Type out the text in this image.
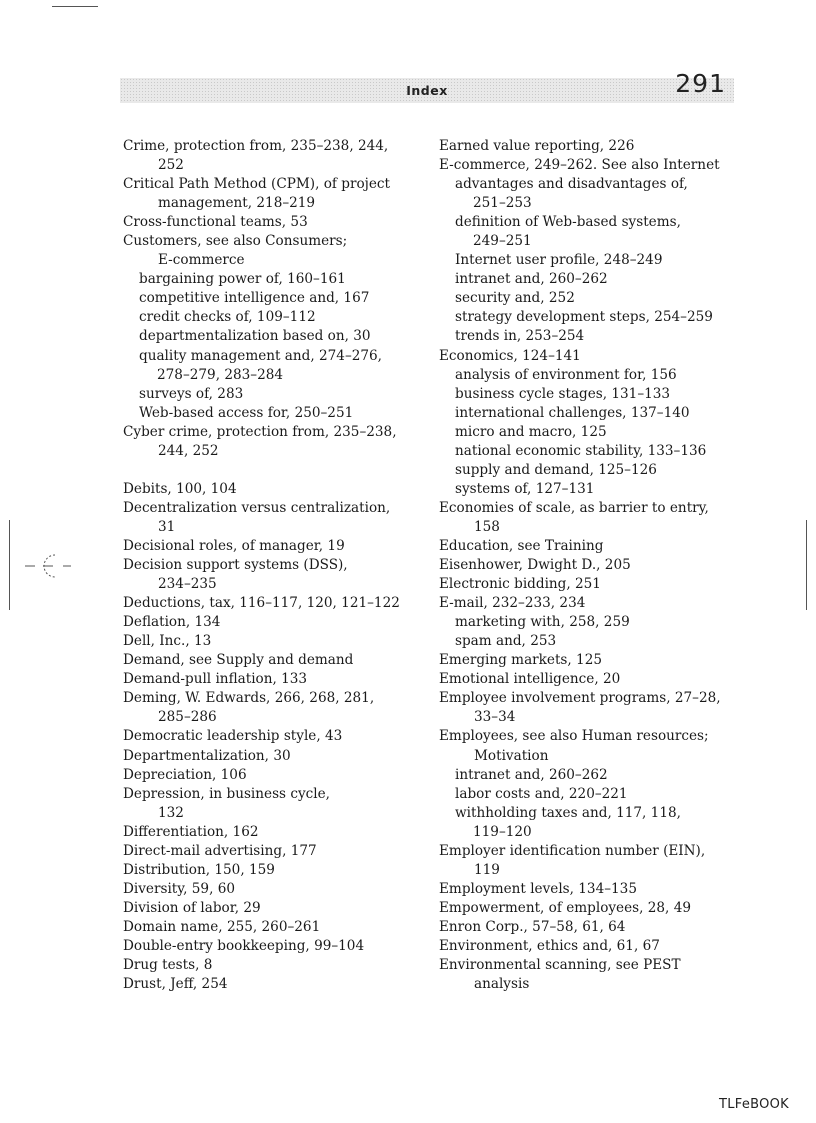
Index	291
Crime, protection from, 235–238, 244,
252
Critical Path Method (CPM), of project
management, 218–219
Cross-functional teams, 53
Customers, see also Consumers;
E-commerce
bargaining power of, 160–161
competitive intelligence and, 167
credit checks of, 109–112
departmentalization based on, 30
quality management and, 274–276,
278–279, 283–284
surveys of, 283
Web-based access for, 250–251
Cyber crime, protection from, 235–238,
244, 252
Debits, 100, 104
Decentralization versus centralization,
31
Decisional roles, of manager, 19
Decision support systems (DSS),
234–235
Deductions, tax, 116–117, 120, 121–122
Deflation, 134
Dell, Inc., 13
Demand, see Supply and demand
Demand-pull inflation, 133
Deming, W. Edwards, 266, 268, 281,
285–286
Democratic leadership style, 43
Departmentalization, 30
Depreciation, 106
Depression, in business cycle,
132
Differentiation, 162
Direct-mail advertising, 177
Distribution, 150, 159
Diversity, 59, 60
Division of labor, 29
Domain name, 255, 260–261
Double-entry bookkeeping, 99–104
Drug tests, 8
Drust, Jeff, 254
Earned value reporting, 226
E-commerce, 249–262. See also Internet
advantages and disadvantages of,
251–253
definition of Web-based systems,
249–251
Internet user profile, 248–249
intranet and, 260–262
security and, 252
strategy development steps, 254–259
trends in, 253–254
Economics, 124–141
analysis of environment for, 156
business cycle stages, 131–133
international challenges, 137–140
micro and macro, 125
national economic stability, 133–136
supply and demand, 125–126
systems of, 127–131
Economies of scale, as barrier to entry,
158
Education, see Training
Eisenhower, Dwight D., 205
Electronic bidding, 251
E-mail, 232–233, 234
marketing with, 258, 259
spam and, 253
Emerging markets, 125
Emotional intelligence, 20
Employee involvement programs, 27–28,
33–34
Employees, see also Human resources;
Motivation
intranet and, 260–262
labor costs and, 220–221
withholding taxes and, 117, 118,
119–120
Employer identification number (EIN),
119
Employment levels, 134–135
Empowerment, of employees, 28, 49
Enron Corp., 57–58, 61, 64
Environment, ethics and, 61, 67
Environmental scanning, see PEST
analysis
TLFeBOOK
